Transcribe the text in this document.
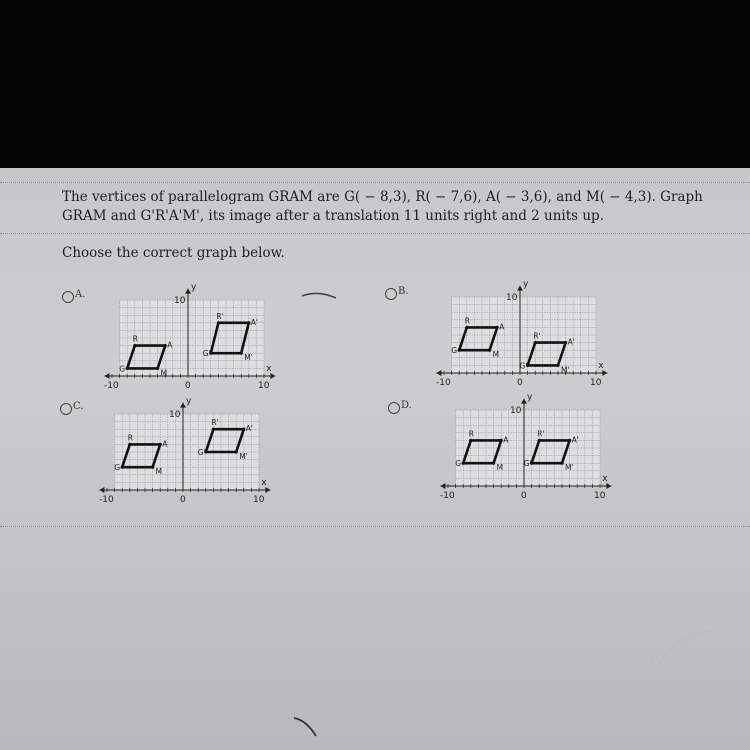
The vertices of parallelogram GRAM are G( − 8,3), R( − 7,6), A( − 3,6), and M( − 4,3). Graph
GRAM and G'R'A'M', its image after a translation 11 units right and 2 units up.
Choose the correct graph below.
A.
-10	0	10
10
x
y
G
R
A
M
G'
R'
A'
M'
B.
-10	0	10
10
x
y
G
R
A
M
G'
R'
A'
M'
C.
-10	0	10
10
x
y
G
R
A
M
G'
R'
A'
M'
D.
-10	0	10
10
x
y
G
R
A
M	G'
R'
A'
M'
